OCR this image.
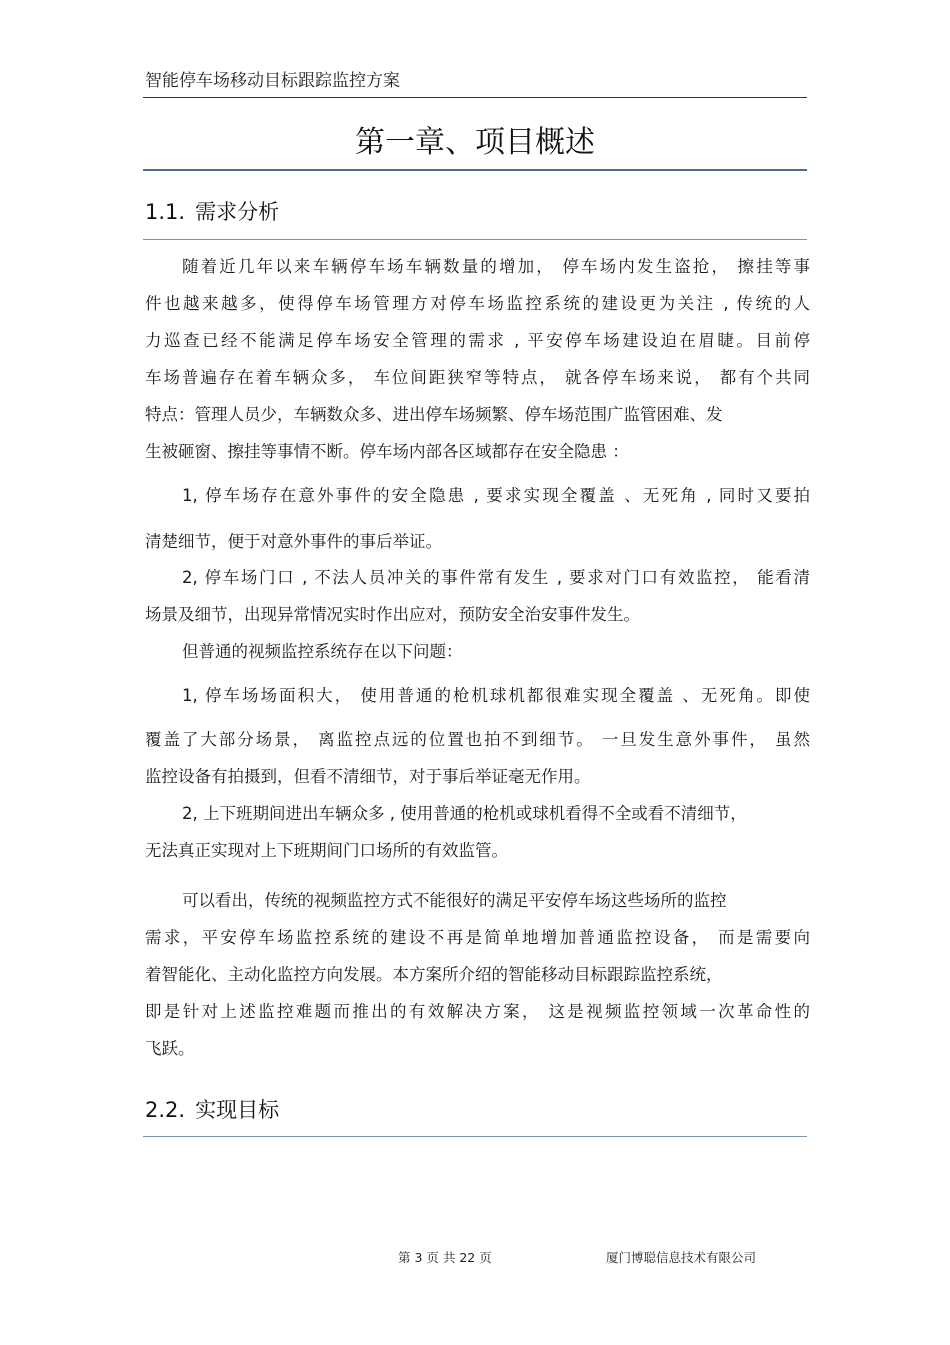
智能停车场移动目标跟踪监控方案
第一章、项目概述
1.1. 需求分析
随着近几年以来车辆停车场车辆数量的增加， 停车场内发生盗抢， 擦挂等事
件也越来越多，使得停车场管理方对停车场监控系统的建设更为关注 , 传统的人
力巡查已经不能满足停车场安全管理的需求 , 平安停车场建设迫在眉睫。目前停
车场普遍存在着车辆众多， 车位间距狭窄等特点， 就各停车场来说， 都有个共同
特点：管理人员少，车辆数众多、进出停车场频繁、停车场范围广监管困难、发
生被砸窗、擦挂等事情不断。停车场内部各区域都存在安全隐患 ：
1, 停车场存在意外事件的安全隐患 , 要求实现全覆盖 、无死角 , 同时又要拍
清楚细节，便于对意外事件的事后举证。
2, 停车场门口 , 不法人员冲关的事件常有发生 , 要求对门口有效监控， 能看清
场景及细节，出现异常情况实时作出应对，预防安全治安事件发生。
但普通的视频监控系统存在以下问题：
1, 停车场场面积大， 使用普通的枪机球机都很难实现全覆盖 、无死角。即使
覆盖了大部分场景， 离监控点远的位置也拍不到细节。 一旦发生意外事件， 虽然
监控设备有拍摄到，但看不清细节，对于事后举证毫无作用。
2, 上下班期间进出车辆众多 , 使用普通的枪机或球机看得不全或看不清细节，
无法真正实现对上下班期间门口场所的有效监管。
可以看出，传统的视频监控方式不能很好的满足平安停车场这些场所的监控
需求，平安停车场监控系统的建设不再是简单地增加普通监控设备， 而是需要向
着智能化、主动化监控方向发展。本方案所介绍的智能移动目标跟踪监控系统，
即是针对上述监控难题而推出的有效解决方案， 这是视频监控领域一次革命性的
飞跃。
2.2. 实现目标
第 3 页 共 22 页	厦门博聪信息技术有限公司
